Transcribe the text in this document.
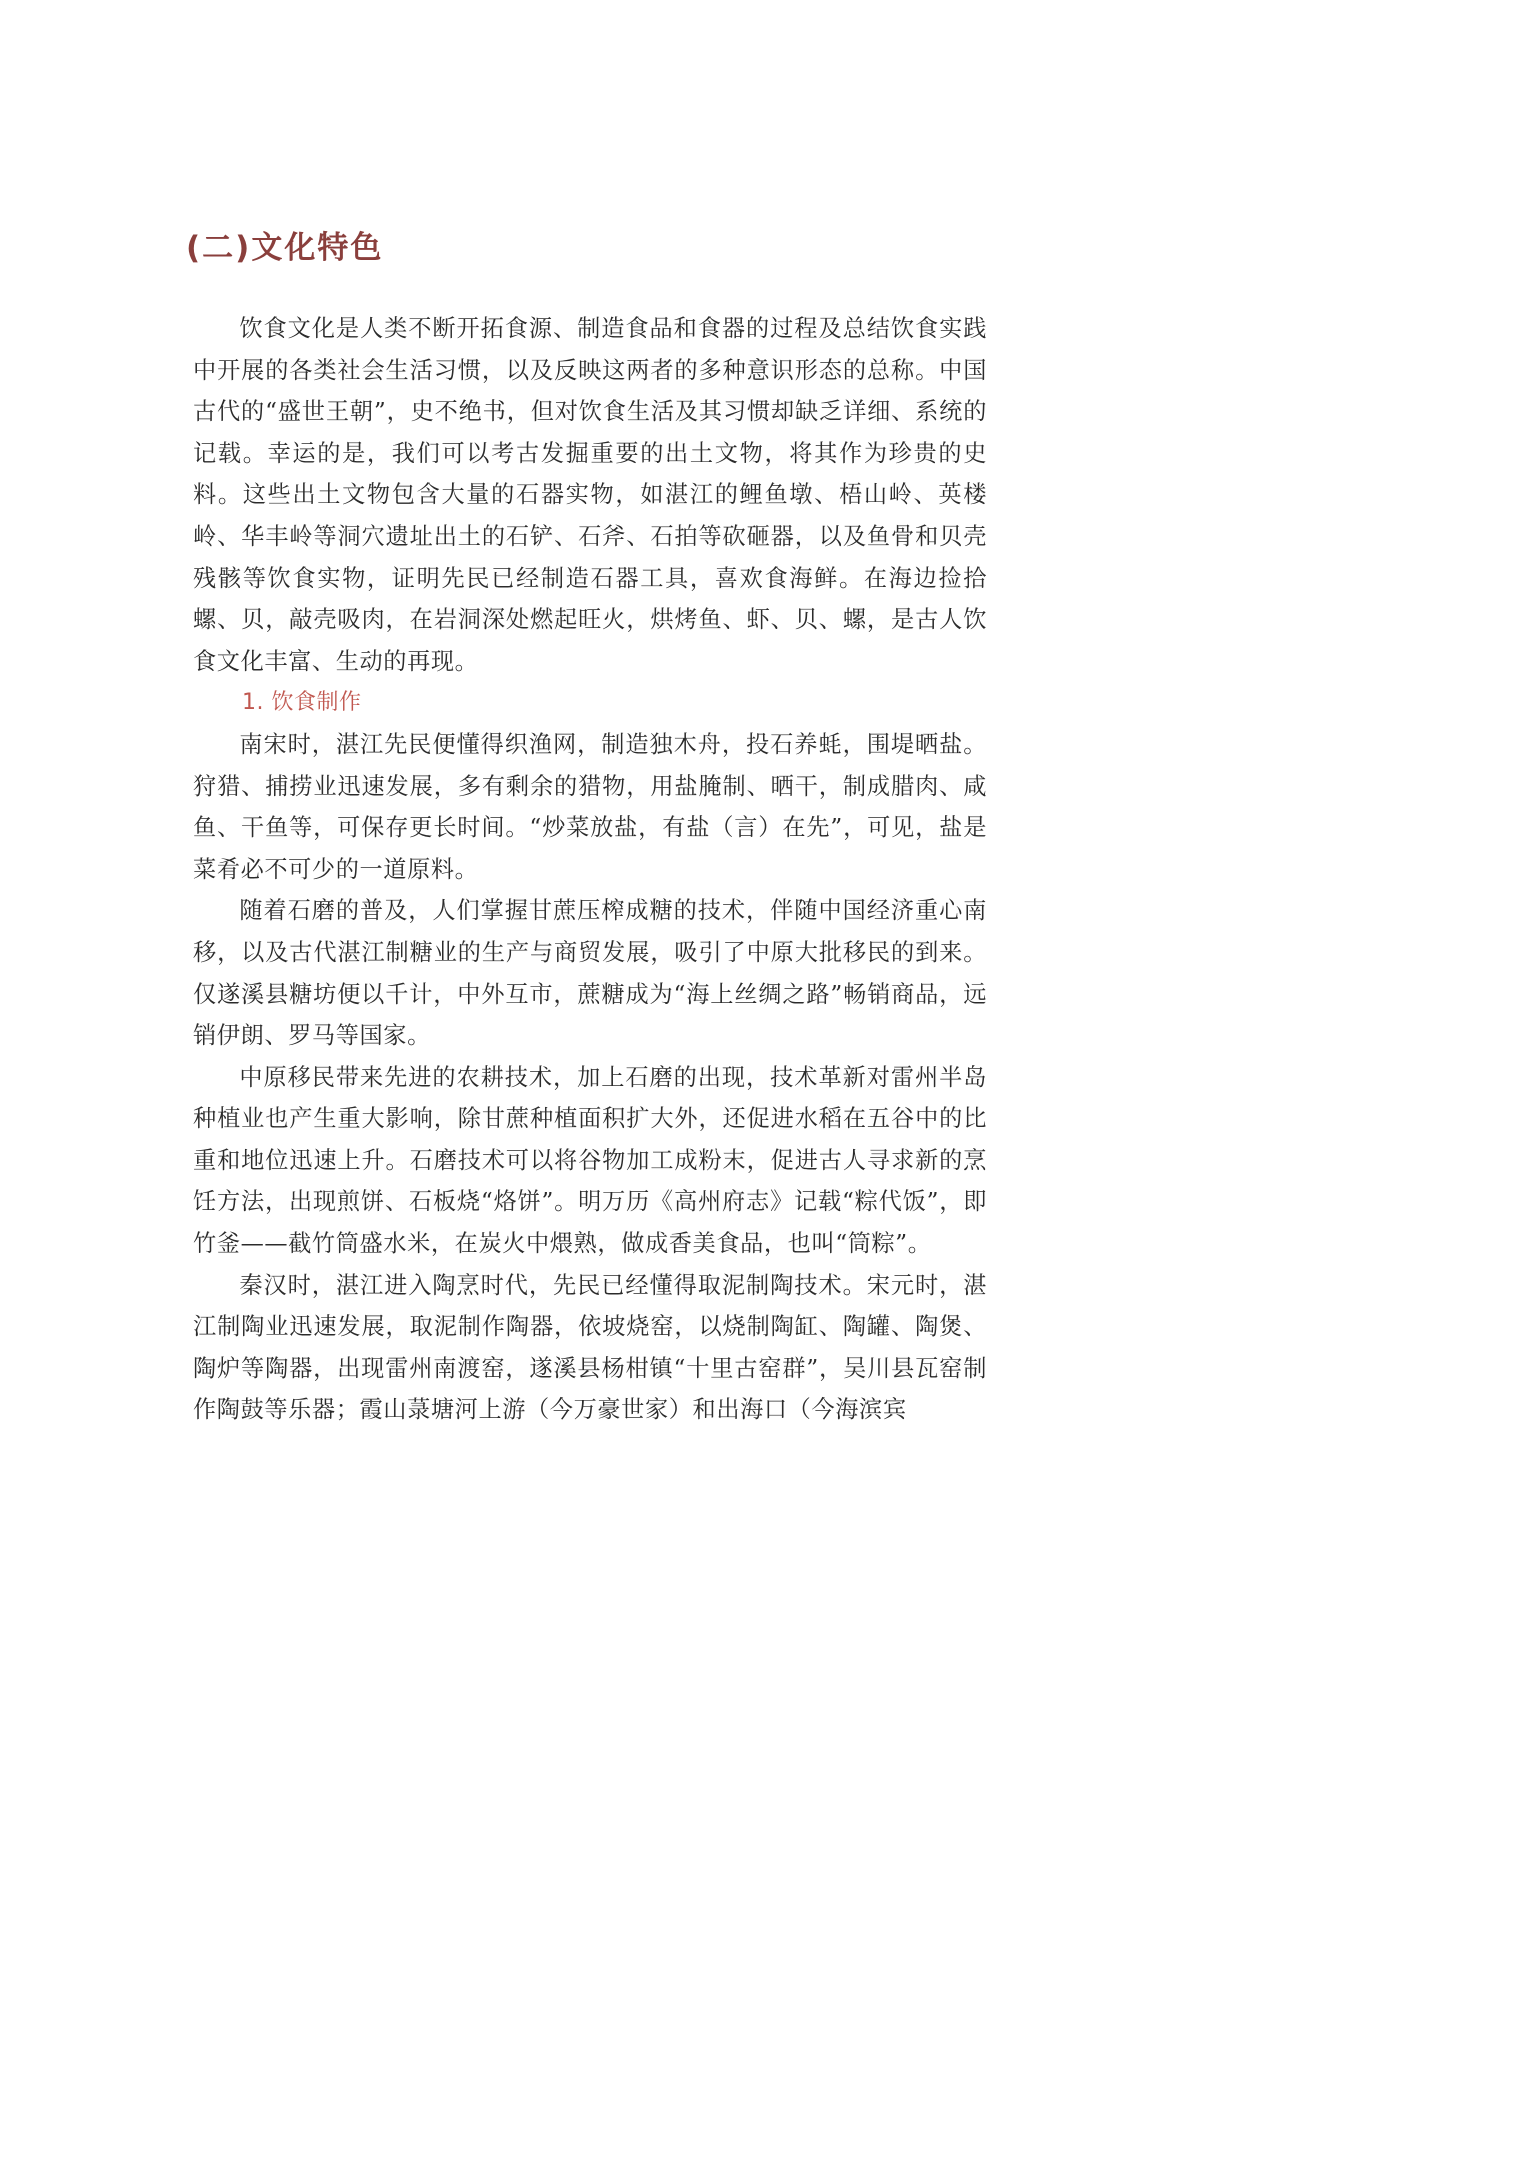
(二)文化特色

饮食文化是人类不断开拓食源、制造食品和食器的过程及总结饮食实践中开展的各类社会生活习惯，以及反映这两者的多种意识形态的总称。中国古代的“盛世王朝”，史不绝书，但对饮食生活及其习惯却缺乏详细、系统的记载。幸运的是，我们可以考古发掘重要的出土文物，将其作为珍贵的史料。这些出土文物包含大量的石器实物，如湛江的鲤鱼墩、梧山岭、英楼岭、华丰岭等洞穴遗址出土的石铲、石斧、石拍等砍砸器，以及鱼骨和贝壳残骸等饮食实物，证明先民已经制造石器工具，喜欢食海鲜。在海边捡拾螺、贝，敲壳吸肉，在岩洞深处燃起旺火，烘烤鱼、虾、贝、螺，是古人饮食文化丰富、生动的再现。

1. 饮食制作

南宋时，湛江先民便懂得织渔网，制造独木舟，投石养蚝，围堤晒盐。狩猎、捕捞业迅速发展，多有剩余的猎物，用盐腌制、晒干，制成腊肉、咸鱼、干鱼等，可保存更长时间。“炒菜放盐，有盐（言）在先”，可见，盐是菜肴必不可少的一道原料。

随着石磨的普及，人们掌握甘蔗压榨成糖的技术，伴随中国经济重心南移，以及古代湛江制糖业的生产与商贸发展，吸引了中原大批移民的到来。仅遂溪县糖坊便以千计，中外互市，蔗糖成为“海上丝绸之路”畅销商品，远销伊朗、罗马等国家。

中原移民带来先进的农耕技术，加上石磨的出现，技术革新对雷州半岛种植业也产生重大影响，除甘蔗种植面积扩大外，还促进水稻在五谷中的比重和地位迅速上升。石磨技术可以将谷物加工成粉末，促进古人寻求新的烹饪方法，出现煎饼、石板烧“烙饼”。明万历《高州府志》记载“粽代饭”，即竹釜——截竹筒盛水米，在炭火中煨熟，做成香美食品，也叫“筒粽”。

秦汉时，湛江进入陶烹时代，先民已经懂得取泥制陶技术。宋元时，湛江制陶业迅速发展，取泥制作陶器，依坡烧窑，以烧制陶缸、陶罐、陶煲、陶炉等陶器，出现雷州南渡窑，遂溪县杨柑镇“十里古窑群”，吴川县瓦窑制作陶鼓等乐器；霞山菉塘河上游（今万豪世家）和出海口（今海滨宾
